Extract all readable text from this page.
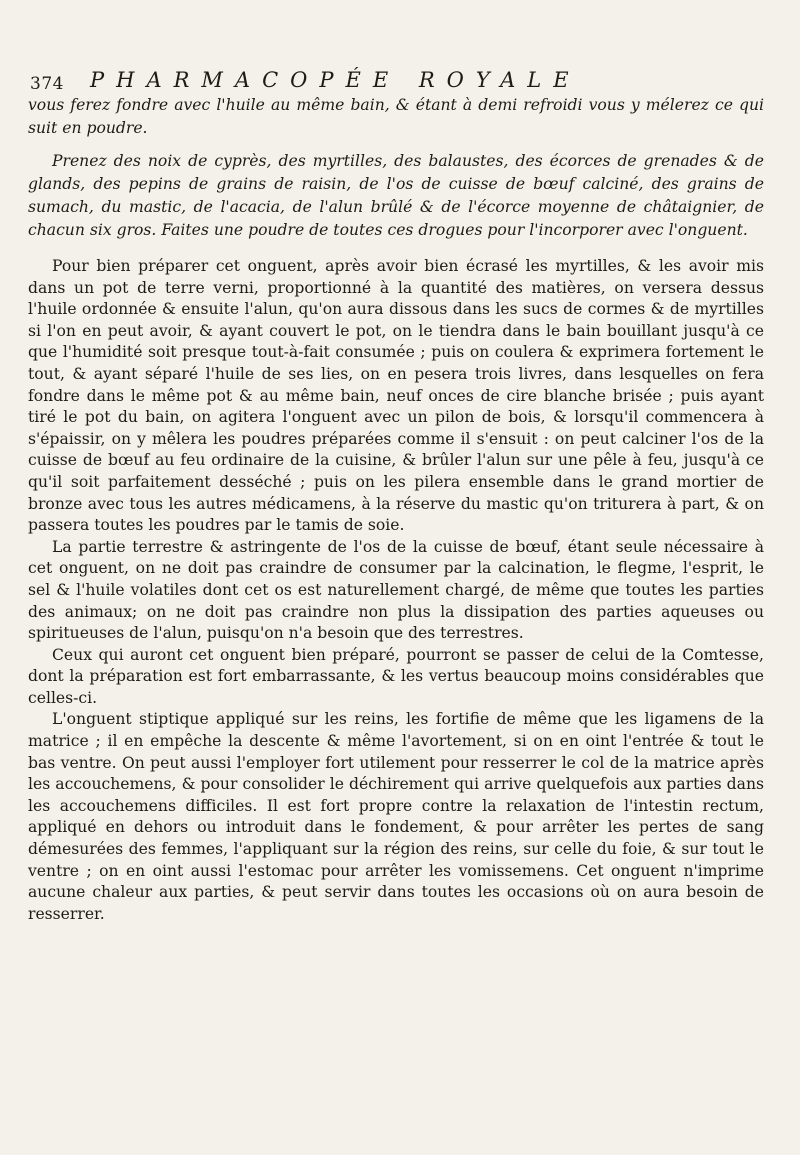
374 PHARMACOPÉE ROYALE

vous ferez fondre avec l'huile au même bain, & étant à demi refroidi vous y mélerez ce qui suit en poudre.

Prenez des noix de cyprès, des myrtilles, des balaustes, des écorces de grenades & de glands, des pepins de grains de raisin, de l'os de cuisse de bœuf calciné, des grains de sumach, du mastic, de l'acacia, de l'alun brûlé & de l'écorce moyenne de châtaignier, de chacun six gros. Faites une poudre de toutes ces drogues pour l'incorporer avec l'onguent.

Pour bien préparer cet onguent, après avoir bien écrasé les myrtilles, & les avoir mis dans un pot de terre verni, proportionné à la quantité des matières, on versera dessus l'huile ordonnée & ensuite l'alun, qu'on aura dissous dans les sucs de cormes & de myrtilles si l'on en peut avoir, & ayant couvert le pot, on le tiendra dans le bain bouillant jusqu'à ce que l'humidité soit presque tout-à-fait consumée ; puis on coulera & exprimera fortement le tout, & ayant séparé l'huile de ses lies, on en pesera trois livres, dans lesquelles on fera fondre dans le même pot & au même bain, neuf onces de cire blanche brisée ; puis ayant tiré le pot du bain, on agitera l'onguent avec un pilon de bois, & lorsqu'il commencera à s'épaissir, on y mêlera les poudres préparées comme il s'ensuit : on peut calciner l'os de la cuisse de bœuf au feu ordinaire de la cuisine, & brûler l'alun sur une pêle à feu, jusqu'à ce qu'il soit parfaitement desséché ; puis on les pilera ensemble dans le grand mortier de bronze avec tous les autres médicamens, à la réserve du mastic qu'on triturera à part, & on passera toutes les poudres par le tamis de soie.

La partie terrestre & astringente de l'os de la cuisse de bœuf, étant seule nécessaire à cet onguent, on ne doit pas craindre de consumer par la calcination, le flegme, l'esprit, le sel & l'huile volatiles dont cet os est naturellement chargé, de même que toutes les parties des animaux; on ne doit pas craindre non plus la dissipation des parties aqueuses ou spiritueuses de l'alun, puisqu'on n'a besoin que des terrestres.

Ceux qui auront cet onguent bien préparé, pourront se passer de celui de la Comtesse, dont la préparation est fort embarrassante, & les vertus beaucoup moins considérables que celles-ci.

L'onguent stiptique appliqué sur les reins, les fortifie de même que les ligamens de la matrice ; il en empêche la descente & même l'avortement, si on en oint l'entrée & tout le bas ventre. On peut aussi l'employer fort utilement pour resserrer le col de la matrice après les accouchemens, & pour consolider le déchirement qui arrive quelquefois aux parties dans les accouchemens difficiles. Il est fort propre contre la relaxation de l'intestin rectum, appliqué en dehors ou introduit dans le fondement, & pour arrêter les pertes de sang démesurées des femmes, l'appliquant sur la région des reins, sur celle du foie, & sur tout le ventre ; on en oint aussi l'estomac pour arrêter les vomissemens. Cet onguent n'imprime aucune chaleur aux parties, & peut servir dans toutes les occasions où on aura besoin de resserrer.
